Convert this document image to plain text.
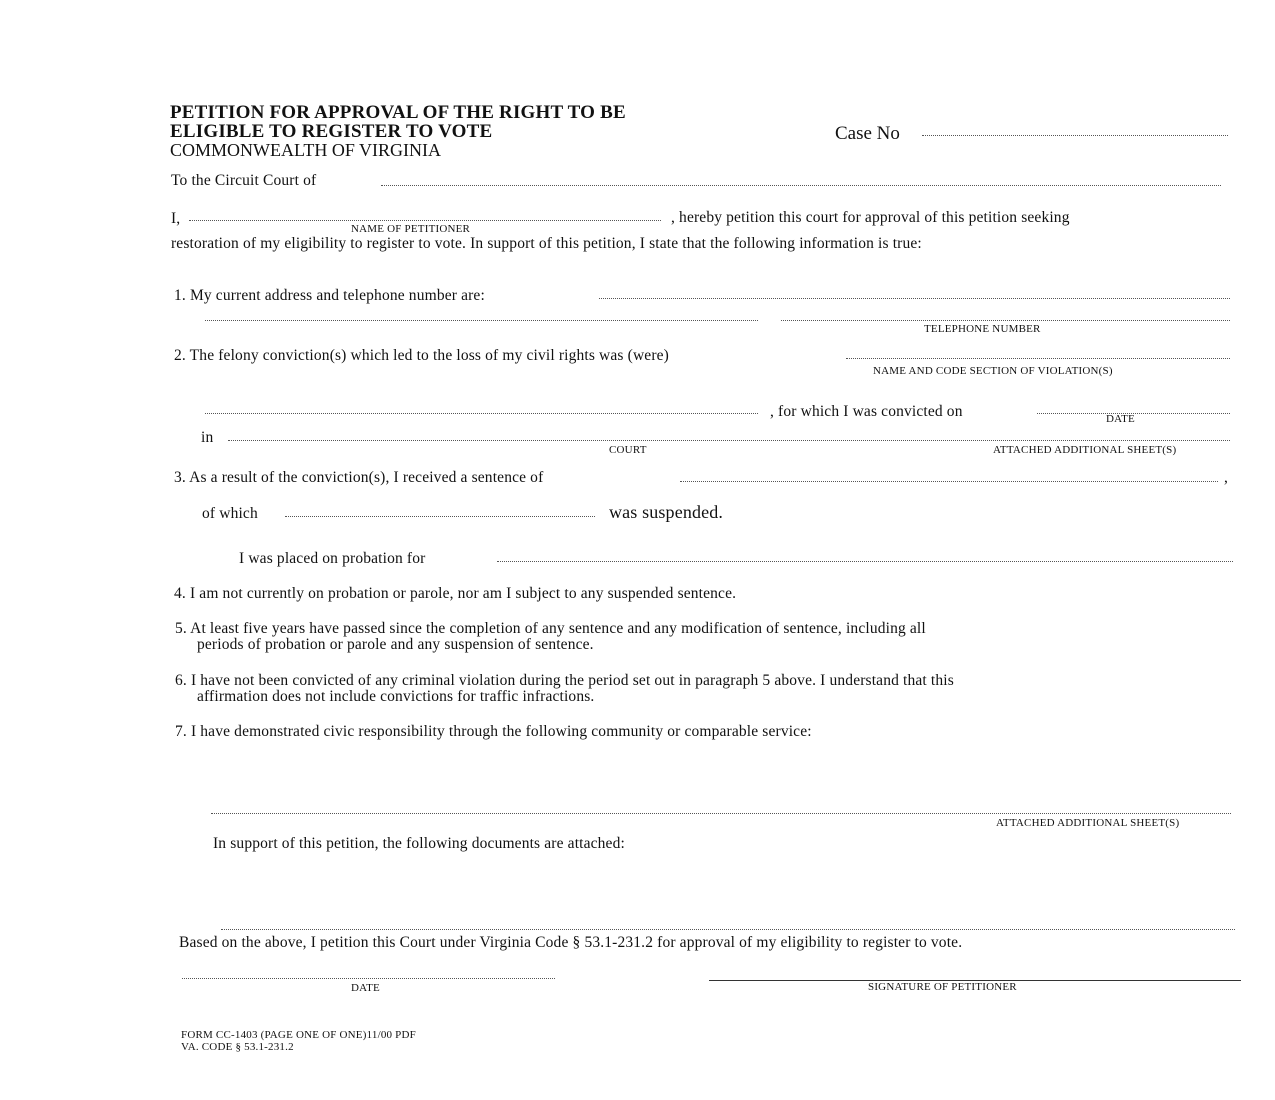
PETITION FOR APPROVAL OF THE RIGHT TO BE
ELIGIBLE TO REGISTER TO VOTE
COMMONWEALTH OF VIRGINIA
Case No
To the Circuit Court of
I,
NAME OF PETITIONER
, hereby petition this court for approval of this petition seeking
restoration of my eligibility to register to vote. In support of this petition, I state that the following information is true:
1. My current address and telephone number are:
TELEPHONE NUMBER
2. The felony conviction(s) which led to the loss of my civil rights was (were)
NAME AND CODE SECTION OF VIOLATION(S)
, for which I was convicted on	DATE
in
COURT	ATTACHED ADDITIONAL SHEET(S)
3. As a result of the conviction(s), I received a sentence of	,
of which	was suspended.
I was placed on probation for
4. I am not currently on probation or parole, nor am I subject to any suspended sentence.
5. At least five years have passed since the completion of any sentence and any modification of sentence, including all
periods of probation or parole and any suspension of sentence.
6. I have not been convicted of any criminal violation during the period set out in paragraph 5 above. I understand that this
affirmation does not include convictions for traffic infractions.
7. I have demonstrated civic responsibility through the following community or comparable service:
ATTACHED ADDITIONAL SHEET(S)
In support of this petition, the following documents are attached:
Based on the above, I petition this Court under Virginia Code § 53.1-231.2 for approval of my eligibility to register to vote.
DATE	SIGNATURE OF PETITIONER
FORM CC-1403 (PAGE ONE OF ONE)11/00 PDF
VA. CODE § 53.1-231.2
